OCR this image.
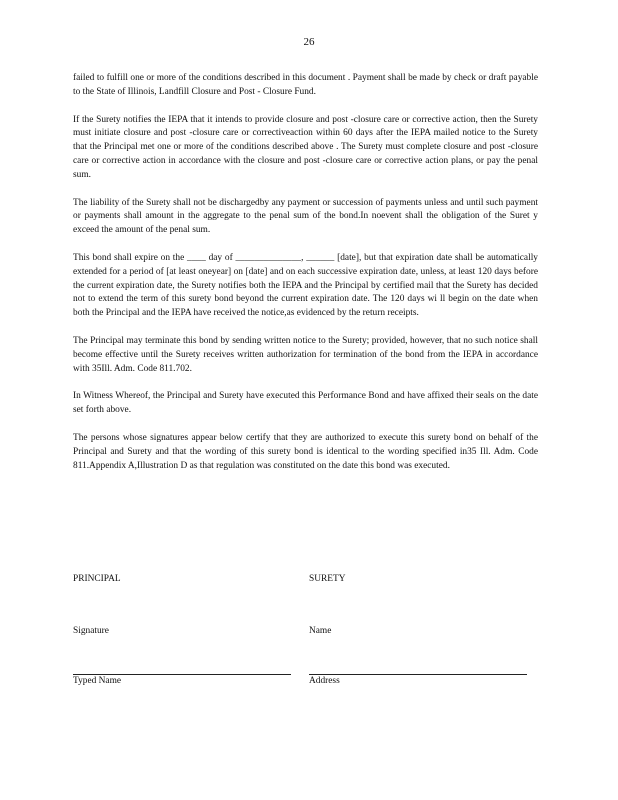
26

failed to fulfill one or more of the conditions described in this document . Payment shall be made by check or draft payable to the State of Illinois, Landfill Closure and Post - Closure Fund.

If the Surety notifies the IEPA that it intends to provide closure and post -closure care or corrective action, then the Surety must initiate closure and post -closure care or correctiveaction within 60 days after the IEPA mailed notice to the Surety that the Principal met one or more of the conditions described above . The Surety must complete closure and post -closure care or corrective action in accordance with the closure and post -closure care or corrective action plans, or pay the penal sum.

The liability of the Surety shall not be dischargedby any payment or succession of payments unless and until such payment or payments shall amount in the aggregate to the penal sum of the bond.In noevent shall the obligation of the Suret y exceed the amount of the penal sum.

This bond shall expire on the ____ day of ______________, ______ [date], but that expiration date shall be automatically extended for a period of [at least oneyear] on [date] and on each successive expiration date, unless, at least 120 days before the current expiration date, the Surety notifies both the IEPA and the Principal by certified mail that the Surety has decided not to extend the term of this surety bond beyond the current expiration date. The 120 days wi ll begin on the date when both the Principal and the IEPA have received the notice,as evidenced by the return receipts.

The Principal may terminate this bond by sending written notice to the Surety; provided, however, that no such notice shall become effective until the Surety receives written authorization for termination of the bond from the IEPA in accordance with 35Ill. Adm. Code 811.702.

In Witness Whereof, the Principal and Surety have executed this Performance Bond and have affixed their seals on the date set forth above.

The persons whose signatures appear below certify that they are authorized to execute this surety bond on behalf of the Principal and Surety and that the wording of this surety bond is identical to the wording specified in35 Ill. Adm. Code 811.Appendix A,Illustration D as that regulation was constituted on the date this bond was executed.

PRINCIPAL
Signature
Typed Name
SURETY
Name
Address
